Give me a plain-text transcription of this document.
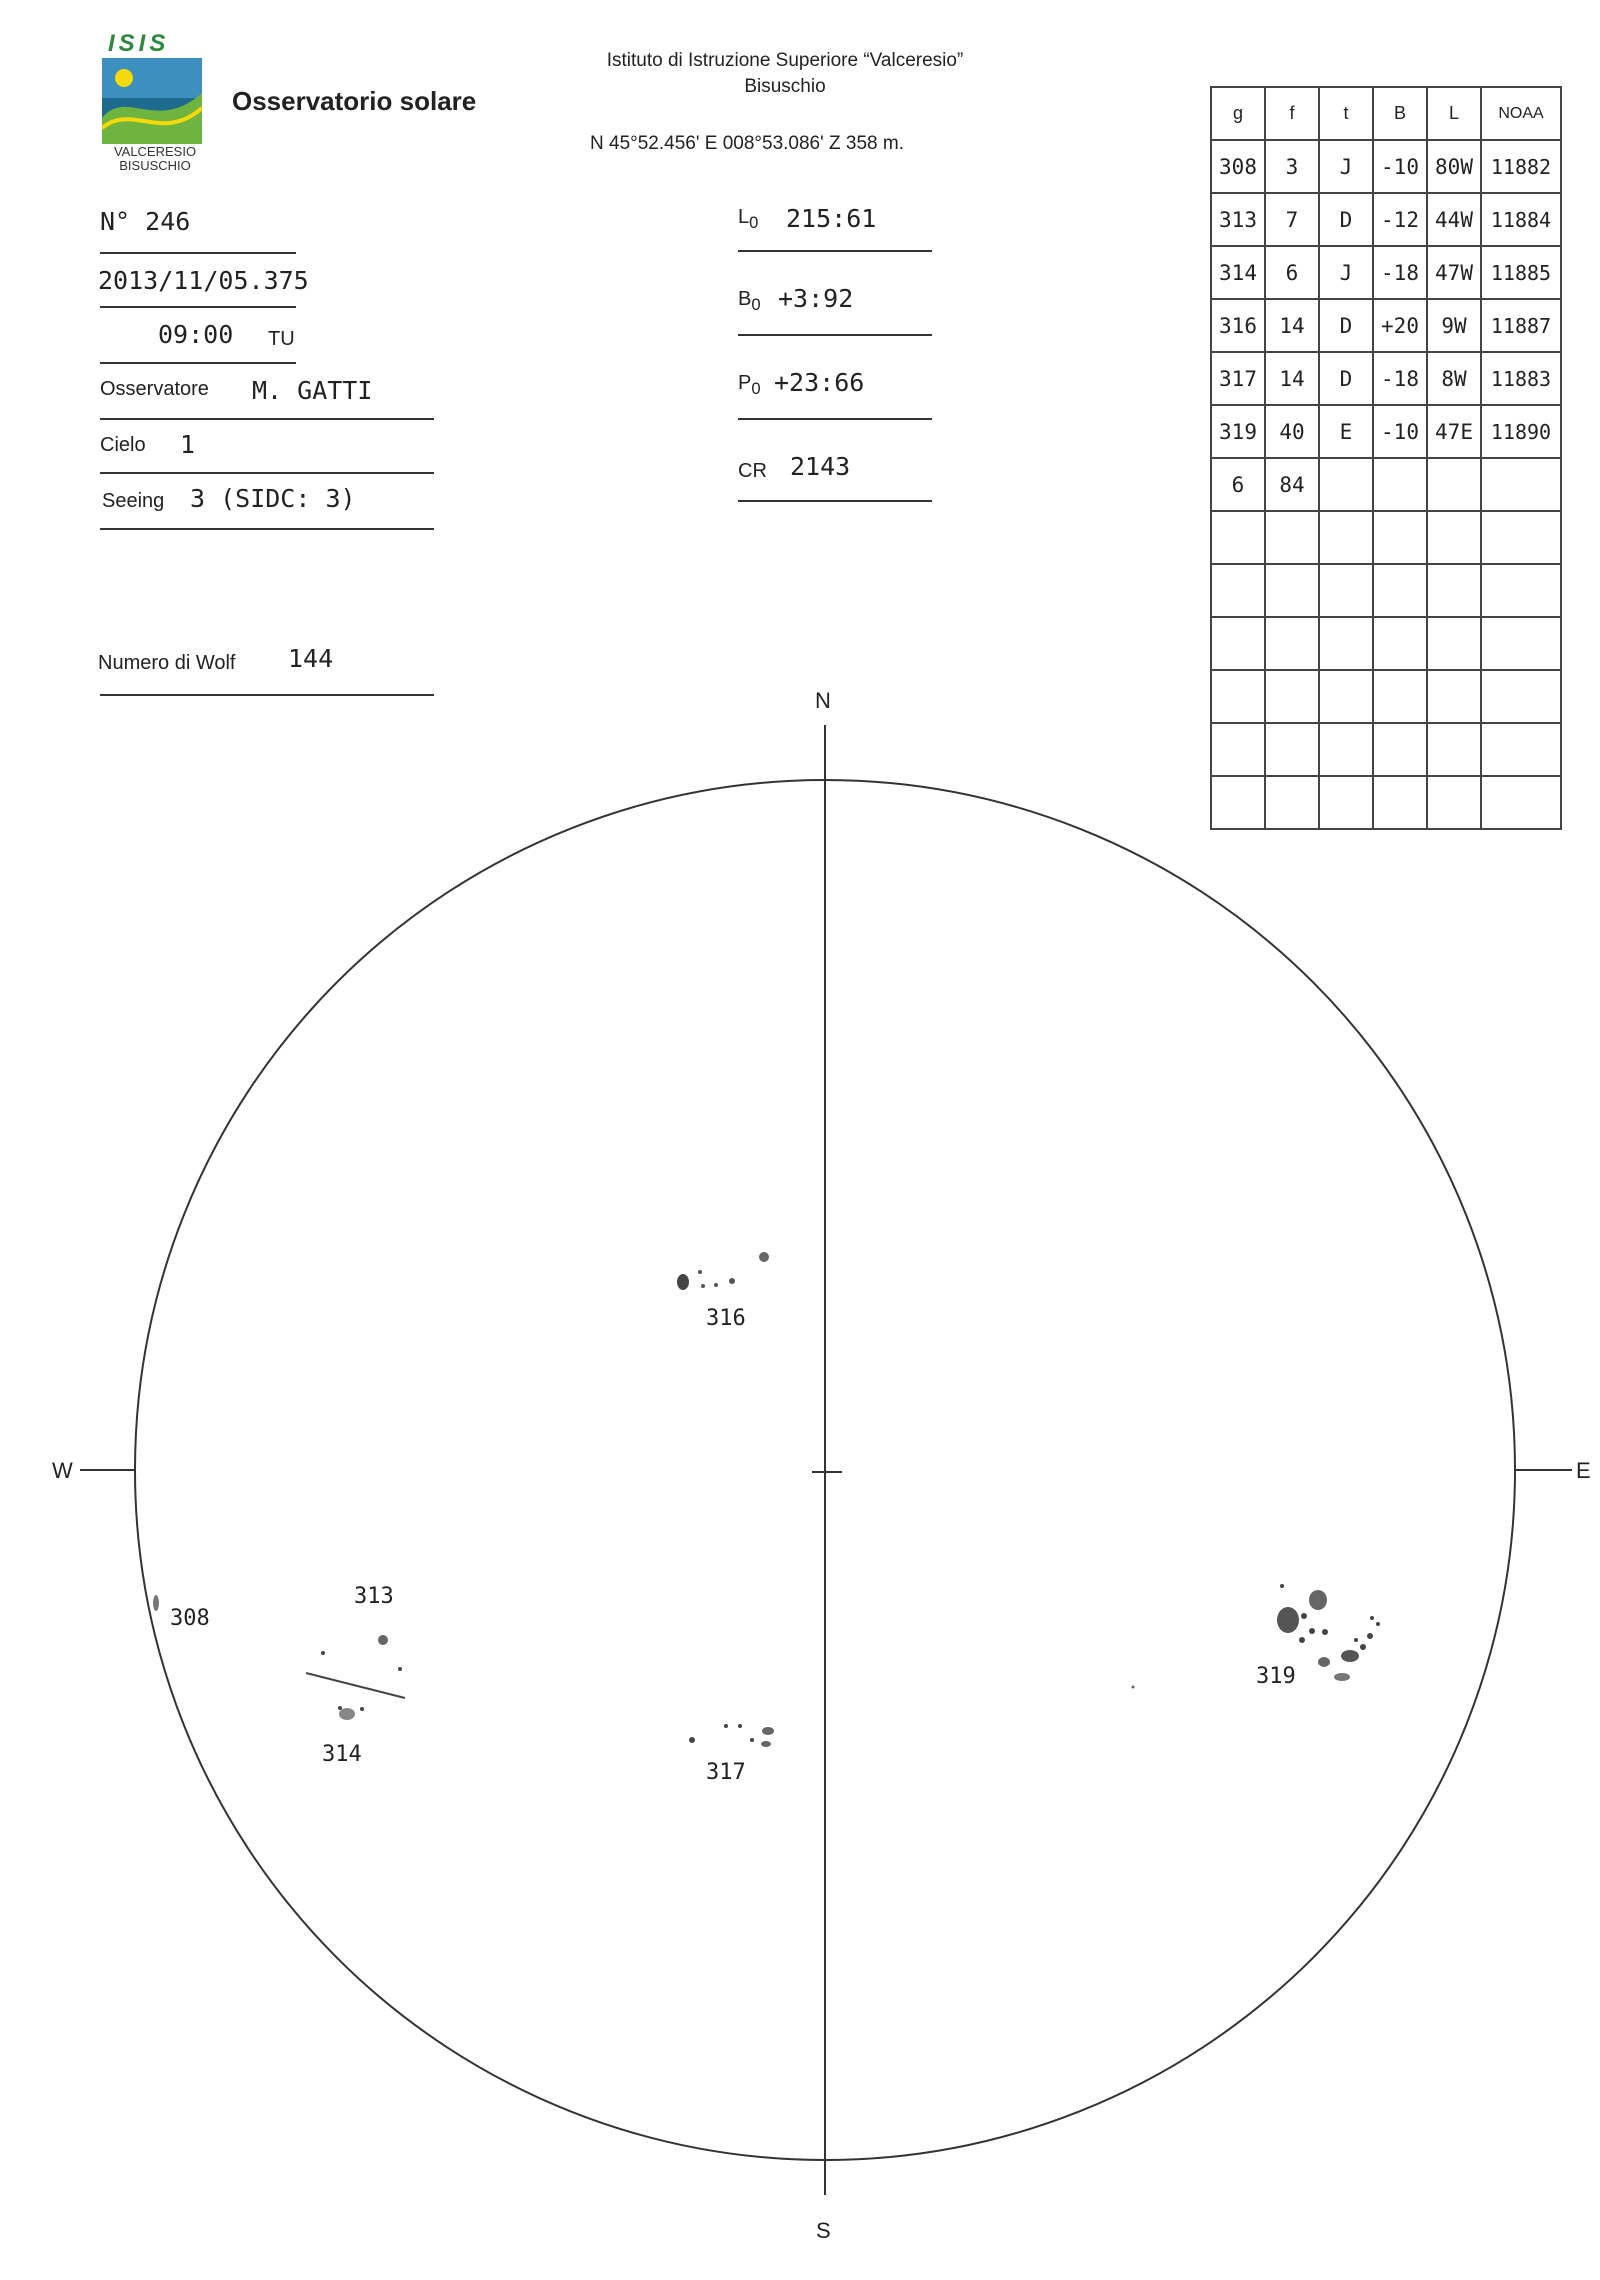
ISIS
VALCERESIO
BISUSCHIO
Osservatorio solare
Istituto di Istruzione Superiore “Valceresio”
Bisuschio
N 45°52.456' E 008°53.086' Z 358 m.
N° 246
2013/11/05.375
09:00 TU
Osservatore M. GATTI
Cielo 1
Seeing 3 (SIDC: 3)
Numero di Wolf 144
$L_0$ 215:61
$B_0$ +3:92
$P_0$ +23:66
CR 2143
g	f	t	B	L	NOAA
308	3	J	-10	80W	11882
313	7	D	-12	44W	11884
314	6	J	-18	47W	11885
316	14	D	+20	9W	11887
317	14	D	-18	8W	11883
319	40	E	-10	47E	11890
6	84				

N
S
W	E
316
308
313
314
317
319
